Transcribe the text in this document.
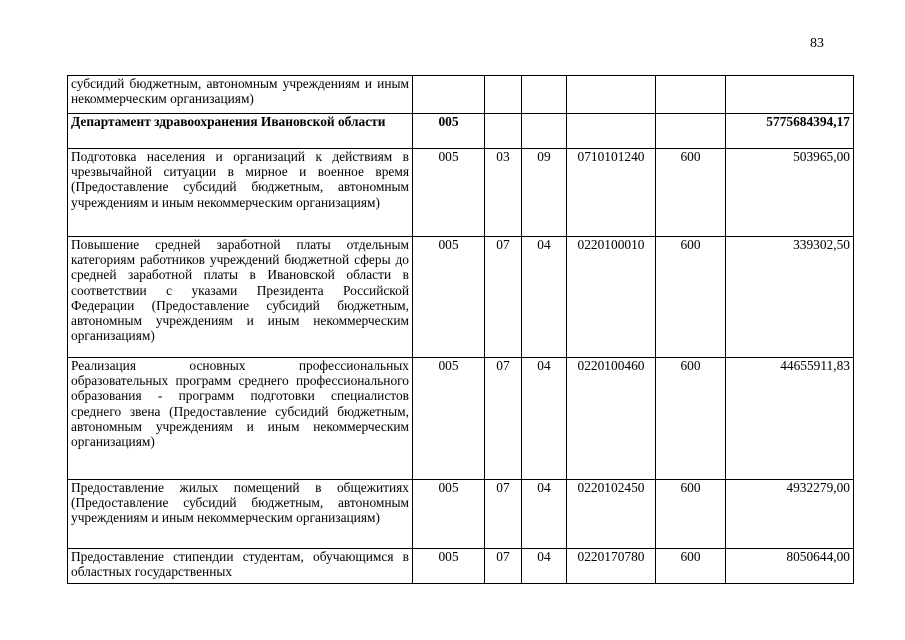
83
субсидий бюджетным, автономным учреждениям и иным некоммерческим организациям)						
Департамент здравоохранения Ивановской области	005					5775684394,17
Подготовка населения и организаций к действиям в чрезвычайной ситуации в мирное и военное время (Предоставление субсидий бюджетным, автономным учреждениям и иным некоммерческим организациям)	005	03	09	0710101240	600	503965,00
Повышение средней заработной платы отдельным категориям работников учреждений бюджетной сферы до средней заработной платы в Ивановской области в соответствии с указами Президента Российской Федерации (Предоставление субсидий бюджетным, автономным учреждениям и иным некоммерческим организациям)	005	07	04	0220100010	600	339302,50
Реализация основных профессиональных образовательных программ среднего профессионального образования - программ подготовки специалистов среднего звена (Предоставление субсидий бюджетным, автономным учреждениям и иным некоммерческим организациям)	005	07	04	0220100460	600	44655911,83
Предоставление жилых помещений в общежитиях (Предоставление субсидий бюджетным, автономным учреждениям и иным некоммерческим организациям)	005	07	04	0220102450	600	4932279,00
Предоставление стипендии студентам, обучающимся в областных государственных	005	07	04	0220170780	600	8050644,00
